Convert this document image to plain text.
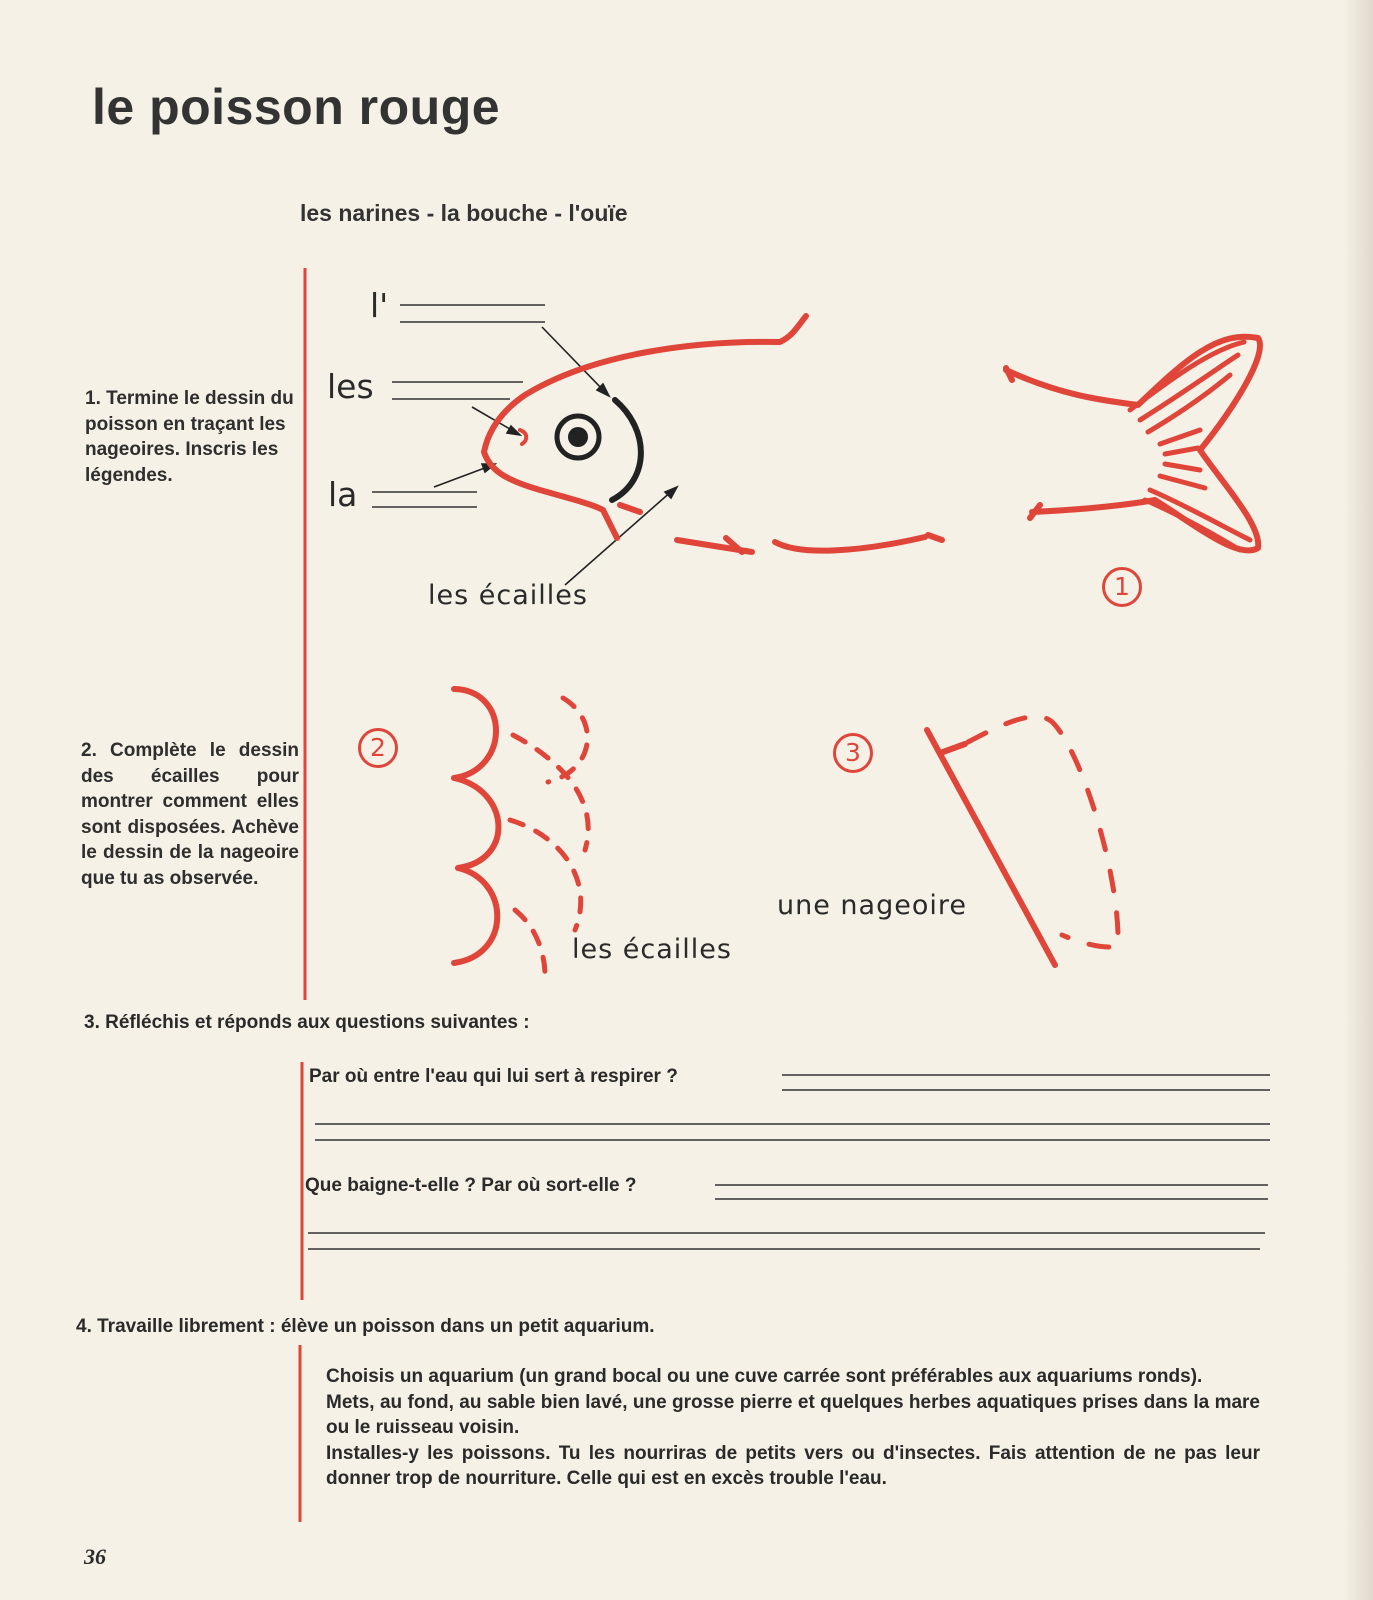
le poisson rouge
les narines - la bouche - l'ouïe
1. Termine le dessin du poisson en traçant les nageoires. Inscris les légendes.
2. Complète le dessin des écailles pour montrer comment elles sont disposées. Achève le dessin de la nageoire que tu as observée.
l'
les
la
les écailles
les écailles
une nageoire
1
2	3
3. Réfléchis et réponds aux questions suivantes :
Par où entre l'eau qui lui sert à respirer ?
Que baigne-t-elle ? Par où sort-elle ?
4. Travaille librement : élève un poisson dans un petit aquarium.

Choisis un aquarium (un grand bocal ou une cuve carrée sont préférables aux aquariums ronds).

Mets, au fond, au sable bien lavé, une grosse pierre et quelques herbes aquatiques prises dans la mare ou le ruisseau voisin.

Installes-y les poissons. Tu les nourriras de petits vers ou d'insectes. Fais attention de ne pas leur donner trop de nourriture. Celle qui est en excès trouble l'eau.

36
